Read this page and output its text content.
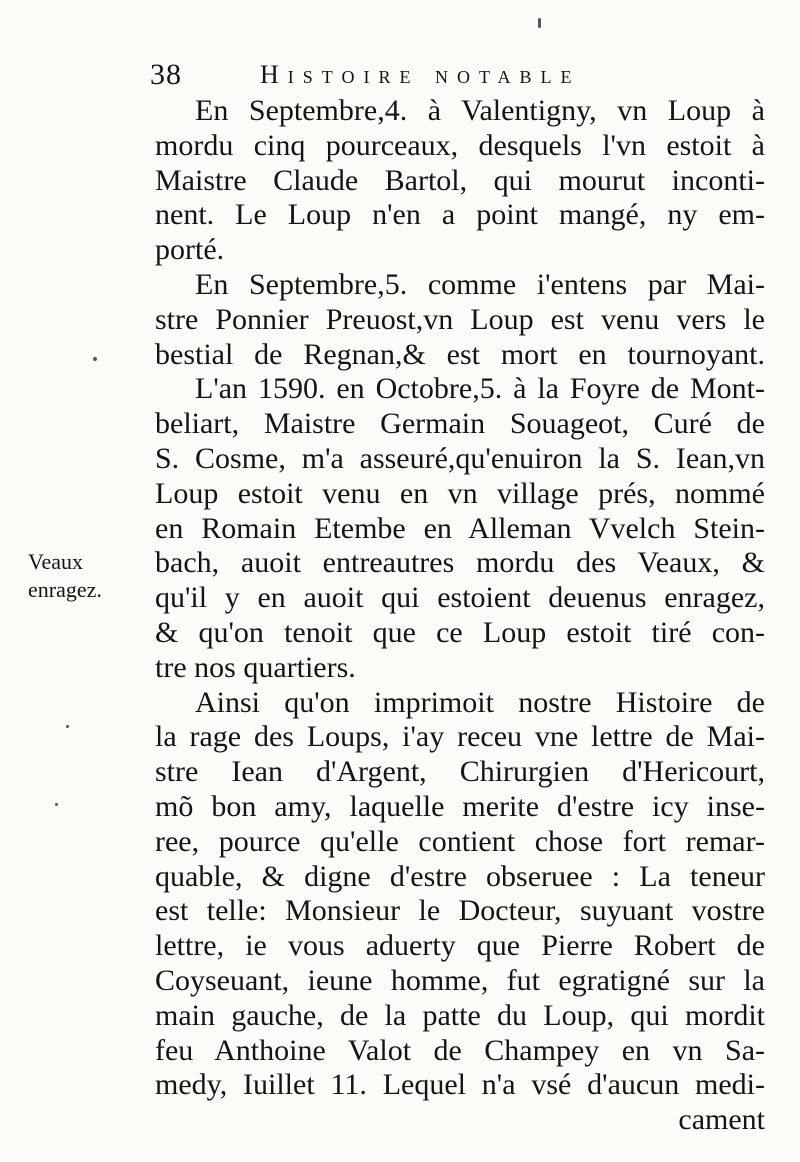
38	Histoire notable
Veaux
enragez.
En Septembre,4. à Valentigny, vn Loup à
mordu cinq pourceaux, desquels l'vn estoit à
Maistre Claude Bartol, qui mourut inconti-
nent. Le Loup n'en a point mangé, ny em-
porté.
En Septembre,5. comme i'entens par Mai-
stre Ponnier Preuost,vn Loup est venu vers le
bestial de Regnan,& est mort en tournoyant.
L'an 1590. en Octobre,5. à la Foyre de Mont-
beliart, Maistre Germain Souageot, Curé de
S. Cosme, m'a asseuré,qu'enuiron la S. Iean,vn
Loup estoit venu en vn village prés, nommé
en Romain Etembe en Alleman Vvelch Stein-
bach, auoit entreautres mordu des Veaux, &
qu'il y en auoit qui estoient deuenus enragez,
& qu'on tenoit que ce Loup estoit tiré con-
tre nos quartiers.
Ainsi qu'on imprimoit nostre Histoire de
la rage des Loups, i'ay receu vne lettre de Mai-
stre Iean d'Argent, Chirurgien d'Hericourt,
mõ bon amy, laquelle merite d'estre icy inse-
ree, pource qu'elle contient chose fort remar-
quable, & digne d'estre obseruee : La teneur
est telle: Monsieur le Docteur, suyuant vostre
lettre, ie vous aduerty que Pierre Robert de
Coyseuant, ieune homme, fut egratigné sur la
main gauche, de la patte du Loup, qui mordit
feu Anthoine Valot de Champey en vn Sa-
medy, Iuillet 11. Lequel n'a vsé d'aucun medi-
cament
